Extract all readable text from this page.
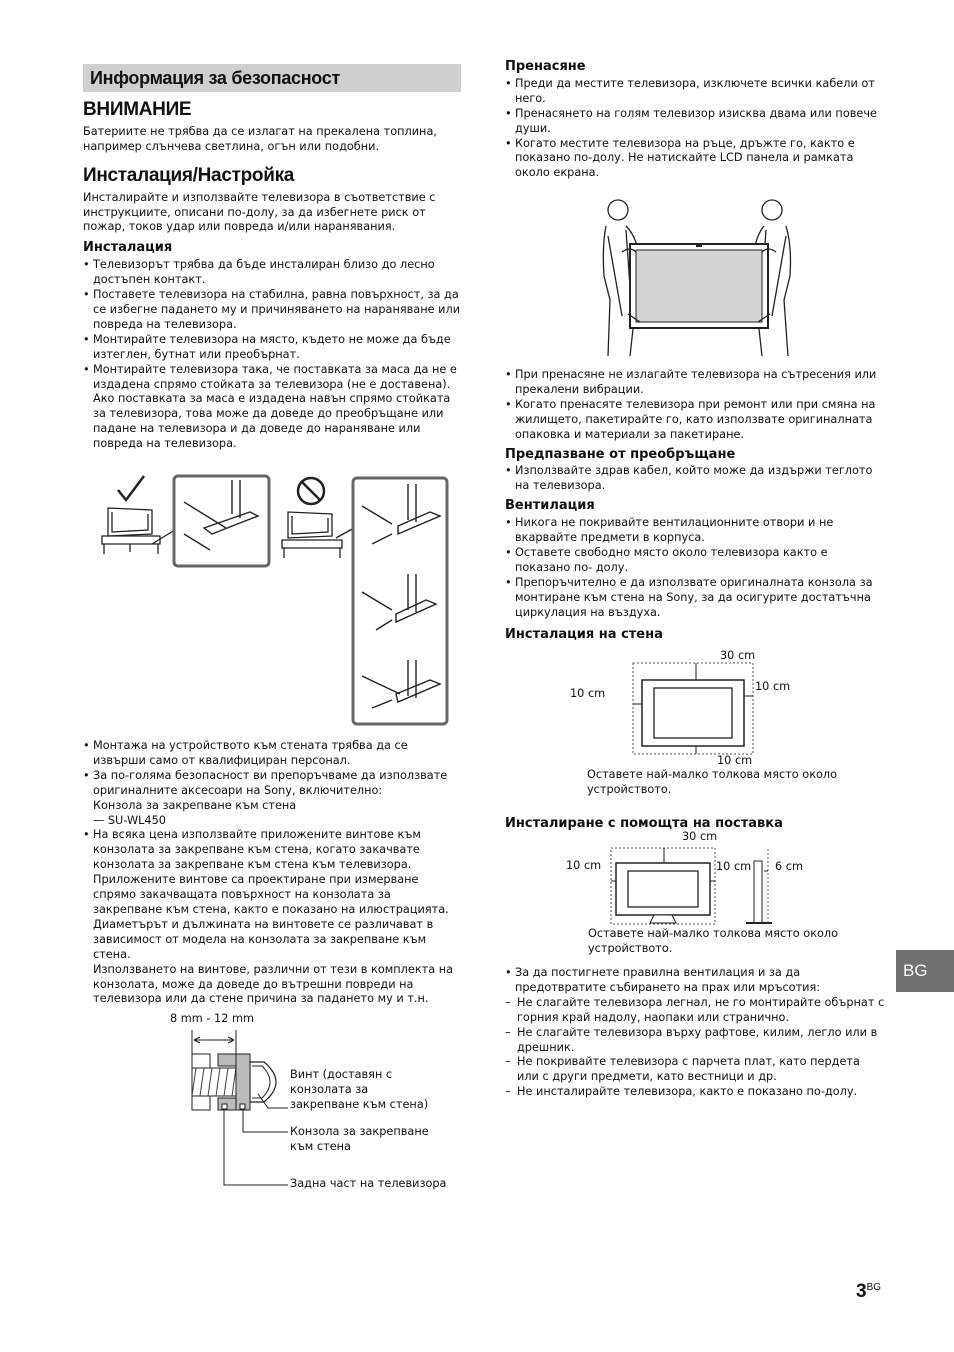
Информация за безопасност
ВНИМАНИЕ

Батериите не трябва да се излагат на прекалена топлина, например слънчева светлина, огън или подобни.

Инсталация/Настройка

Инсталирайте и използвайте телевизора в съответствие с инструкциите, описани по-долу, за да избегнете риск от пожар, токов удар или повреда и/или наранявания.

Инсталация
• Телевизорът трябва да бъде инсталиран близо до лесно достъпен контакт.
• Поставете телевизора на стабилна, равна повърхност, за да се избегне падането му и причиняването на нараняване или повреда на телевизора.
• Монтирайте телевизора на място, където не може да бъде изтеглен, бутнат или преобърнат.
• Монтирайте телевизора така, че поставката за маса да не е издадена спрямо стойката за телевизора (не е доставена). Ако поставката за маса е издадена навън спрямо стойката за телевизора, това може да доведе до преобръщане или падане на телевизора и да доведе до нараняване или повреда на телевизора.
• Монтажа на устройството към стената трябва да се извърши само от квалифициран персонал.
• За по-голяма безопасност ви препоръчваме да използвате оригиналните аксесоари на Sony, включително:
Конзола за закрепване към стена
— SU-WL450
• На всяка цена използвайте приложените винтове към конзолата за закрепване към стена, когато закачвате конзолата за закрепване към стена към телевизора. Приложените винтове са проектиране при измерване спрямо закачващата повърхност на конзолата за закрепване към стена, както е показано на илюстрацията. Диаметърът и дължината на винтовете се различават в зависимост от модела на конзолата за закрепване към стена.
Използването на винтове, различни от тези в комплекта на конзолата, може да доведе до вътрешни повреди на телевизора или да стене причина за падането му и т.н.
8 mm - 12 mm
Винт (доставян с конзолата за закрепване към стена)
Конзола за закрепване към стена
Задна част на телевизора
Пренасяне
• Преди да местите телевизора, изключете всички кабели от него.
• Пренасянето на голям телевизор изисква двама или повече души.
• Когато местите телевизора на ръце, дръжте го, както е показано по-долу. Не натискайте LCD панела и рамката около екрана.
• При пренасяне не излагайте телевизора на сътресения или прекалени вибрации.
• Когато пренасяте телевизора при ремонт или при смяна на жилището, пакетирайте го, като използвате оригиналната опаковка и материали за пакетиране.
Предпазване от преобръщане
• Използвайте здрав кабел, който може да издържи теглото на телевизора.
Вентилация
• Никога не покривайте вентилационните отвори и не вкарвайте предмети в корпуса.
• Оставете свободно място около телевизора както е показано по- долу.
• Препоръчително е да използвате оригиналната конзола за монтиране към стена на Sony, за да осигурите достатъчна циркулация на въздуха.
Инсталация на стена
30 cm
10 cm
10 cm
10 cm
Оставете най-малко толкова място около устройството.
Инсталиране с помощта на поставка
30 cm
10 cm	10 cm 6 cm
Оставете най-малко толкова място около устройството.
• За да постигнете правилна вентилация и за да предотвратите събирането на прах или мръсотия:
– Не слагайте телевизора легнал, не го монтирайте обърнат с горния край надолу, наопаки или странично.
– Не слагайте телевизора върху рафтове, килим, легло или в дрешник.
– Не покривайте телевизора с парчета плат, като пердета или с други предмети, като вестници и др.
– Не инсталирайте телевизора, както е показано по-долу.
BG
$3^{BG}$
